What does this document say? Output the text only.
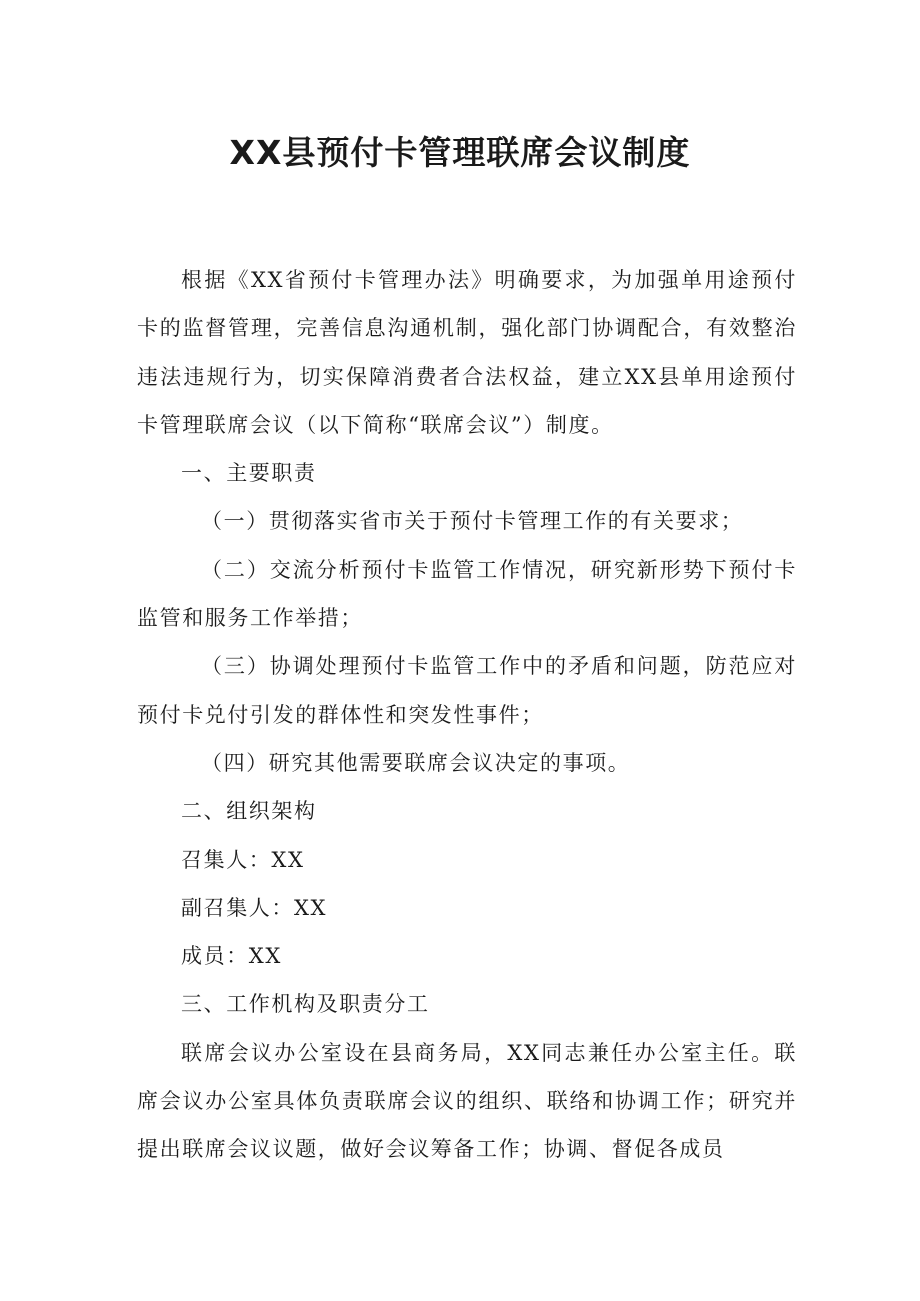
XX县预付卡管理联席会议制度

根据《XX省预付卡管理办法》明确要求，为加强单用途预付卡的监督管理，完善信息沟通机制，强化部门协调配合，有效整治违法违规行为，切实保障消费者合法权益，建立XX县单用途预付卡管理联席会议（以下简称“联席会议”）制度。

一、主要职责

（一）贯彻落实省市关于预付卡管理工作的有关要求；

（二）交流分析预付卡监管工作情况，研究新形势下预付卡监管和服务工作举措；

（三）协调处理预付卡监管工作中的矛盾和问题，防范应对预付卡兑付引发的群体性和突发性事件；

（四）研究其他需要联席会议决定的事项。

二、组织架构

召集人：XX

副召集人：XX

成员：XX

三、工作机构及职责分工

联席会议办公室设在县商务局，XX同志兼任办公室主任。联席会议办公室具体负责联席会议的组织、联络和协调工作；研究并提出联席会议议题，做好会议筹备工作；协调、督促各成员
